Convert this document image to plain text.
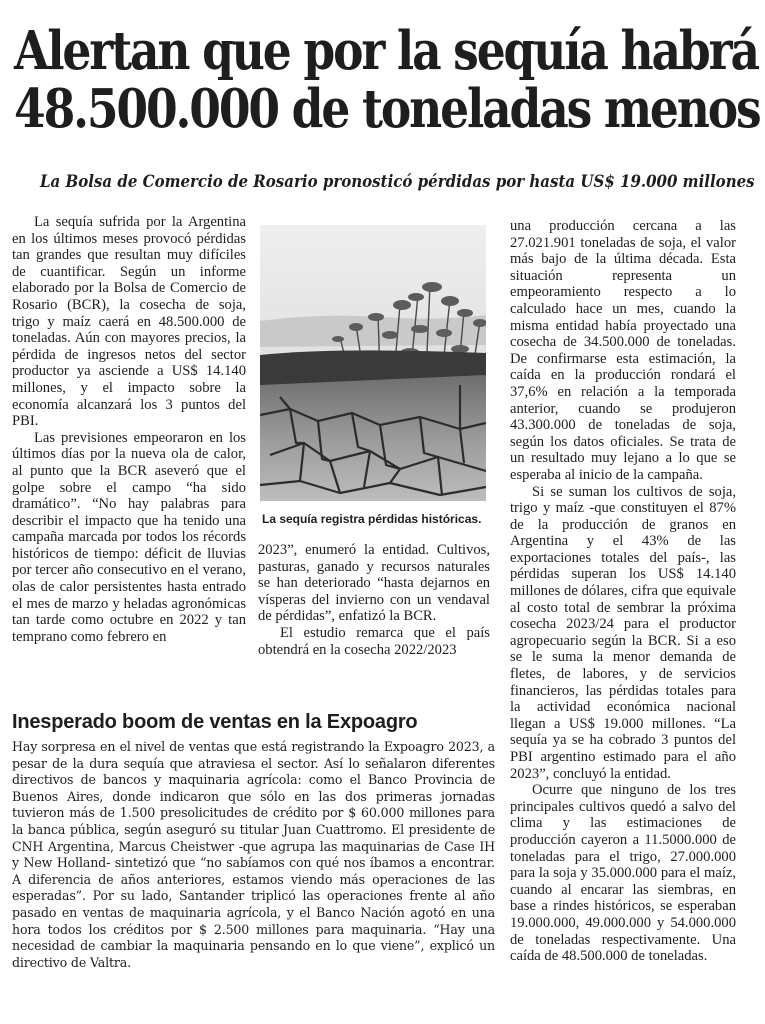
Alertan que por la sequía habrá
48.500.000 de toneladas menos
La Bolsa de Comercio de Rosario pronosticó pérdidas por hasta US$ 19.000 millones

La sequía sufrida por la Argentina en los últimos meses provocó pérdidas tan grandes que resultan muy difíciles de cuantificar. Según un informe elaborado por la Bolsa de Comercio de Rosario (BCR), la cosecha de soja, trigo y maíz caerá en 48.500.000 de toneladas. Aún con mayores precios, la pérdida de ingresos netos del sector productor ya asciende a US$ 14.140 millones, y el impacto sobre la economía alcanzará los 3 puntos del PBI.

Las previsiones empeoraron en los últimos días por la nueva ola de calor, al punto que la BCR aseveró que el golpe sobre el campo “ha sido dramático”. “No hay palabras para describir el impacto que ha tenido una campaña marcada por todos los récords históricos de tiempo: déficit de lluvias por tercer año consecutivo en el verano, olas de calor persistentes hasta entrado el mes de marzo y heladas agronómicas tan tarde como octubre en 2022 y tan temprano como febrero en

La sequía registra pérdidas históricas.

2023”, enumeró la entidad. Cultivos, pasturas, ganado y recursos naturales se han deteriorado “hasta dejarnos en vísperas del invierno con un vendaval de pérdidas”, enfatizó la BCR.

El estudio remarca que el país obtendrá en la cosecha 2022/2023

una producción cercana a las 27.021.901 toneladas de soja, el valor más bajo de la última década. Esta situación representa un empeoramiento respecto a lo calculado hace un mes, cuando la misma entidad había proyectado una cosecha de 34.500.000 de toneladas. De confirmarse esta estimación, la caída en la producción rondará el 37,6% en relación a la temporada anterior, cuando se produjeron 43.300.000 de toneladas de soja, según los datos oficiales. Se trata de un resultado muy lejano a lo que se esperaba al inicio de la campaña.

Si se suman los cultivos de soja, trigo y maíz -que constituyen el 87% de la producción de granos en Argentina y el 43% de las exportaciones totales del país-, las pérdidas superan los US$ 14.140 millones de dólares, cifra que equivale al costo total de sembrar la próxima cosecha 2023/24 para el productor agropecuario según la BCR. Si a eso se le suma la menor demanda de fletes, de labores, y de servicios financieros, las pérdidas totales para la actividad económica nacional llegan a US$ 19.000 millones. “La sequía ya se ha cobrado 3 puntos del PBI argentino estimado para el año 2023”, concluyó la entidad.

Ocurre que ninguno de los tres principales cultivos quedó a salvo del clima y las estimaciones de producción cayeron a 11.5000.000 de toneladas para el trigo, 27.000.000 para la soja y 35.000.000 para el maíz, cuando al encarar las siembras, en base a rindes históricos, se esperaban 19.000.000, 49.000.000 y 54.000.000 de toneladas respectivamente. Una caída de 48.500.000 de toneladas.

Inesperado boom de ventas en la Expoagro

Hay sorpresa en el nivel de ventas que está registrando la Expoagro 2023, a pesar de la dura sequía que atraviesa el sector. Así lo señalaron diferentes directivos de bancos y maquinaria agrícola: como el Banco Provincia de Buenos Aires, donde indicaron que sólo en las dos primeras jornadas tuvieron más de 1.500 presolicitudes de crédito por $ 60.000 millones para la banca pública, según aseguró su titular Juan Cuattromo. El presidente de CNH Argentina, Marcus Cheistwer -que agrupa las maquinarias de Case IH y New Holland- sintetizó que “no sabíamos con qué nos íbamos a encontrar. A diferencia de años anteriores, estamos viendo más operaciones de las esperadas”. Por su lado, Santander triplicó las operaciones frente al año pasado en ventas de maquinaria agrícola, y el Banco Nación agotó en una hora todos los créditos por $ 2.500 millones para maquinaria. “Hay una necesidad de cambiar la maquinaria pensando en lo que viene”, explicó un directivo de Valtra.
